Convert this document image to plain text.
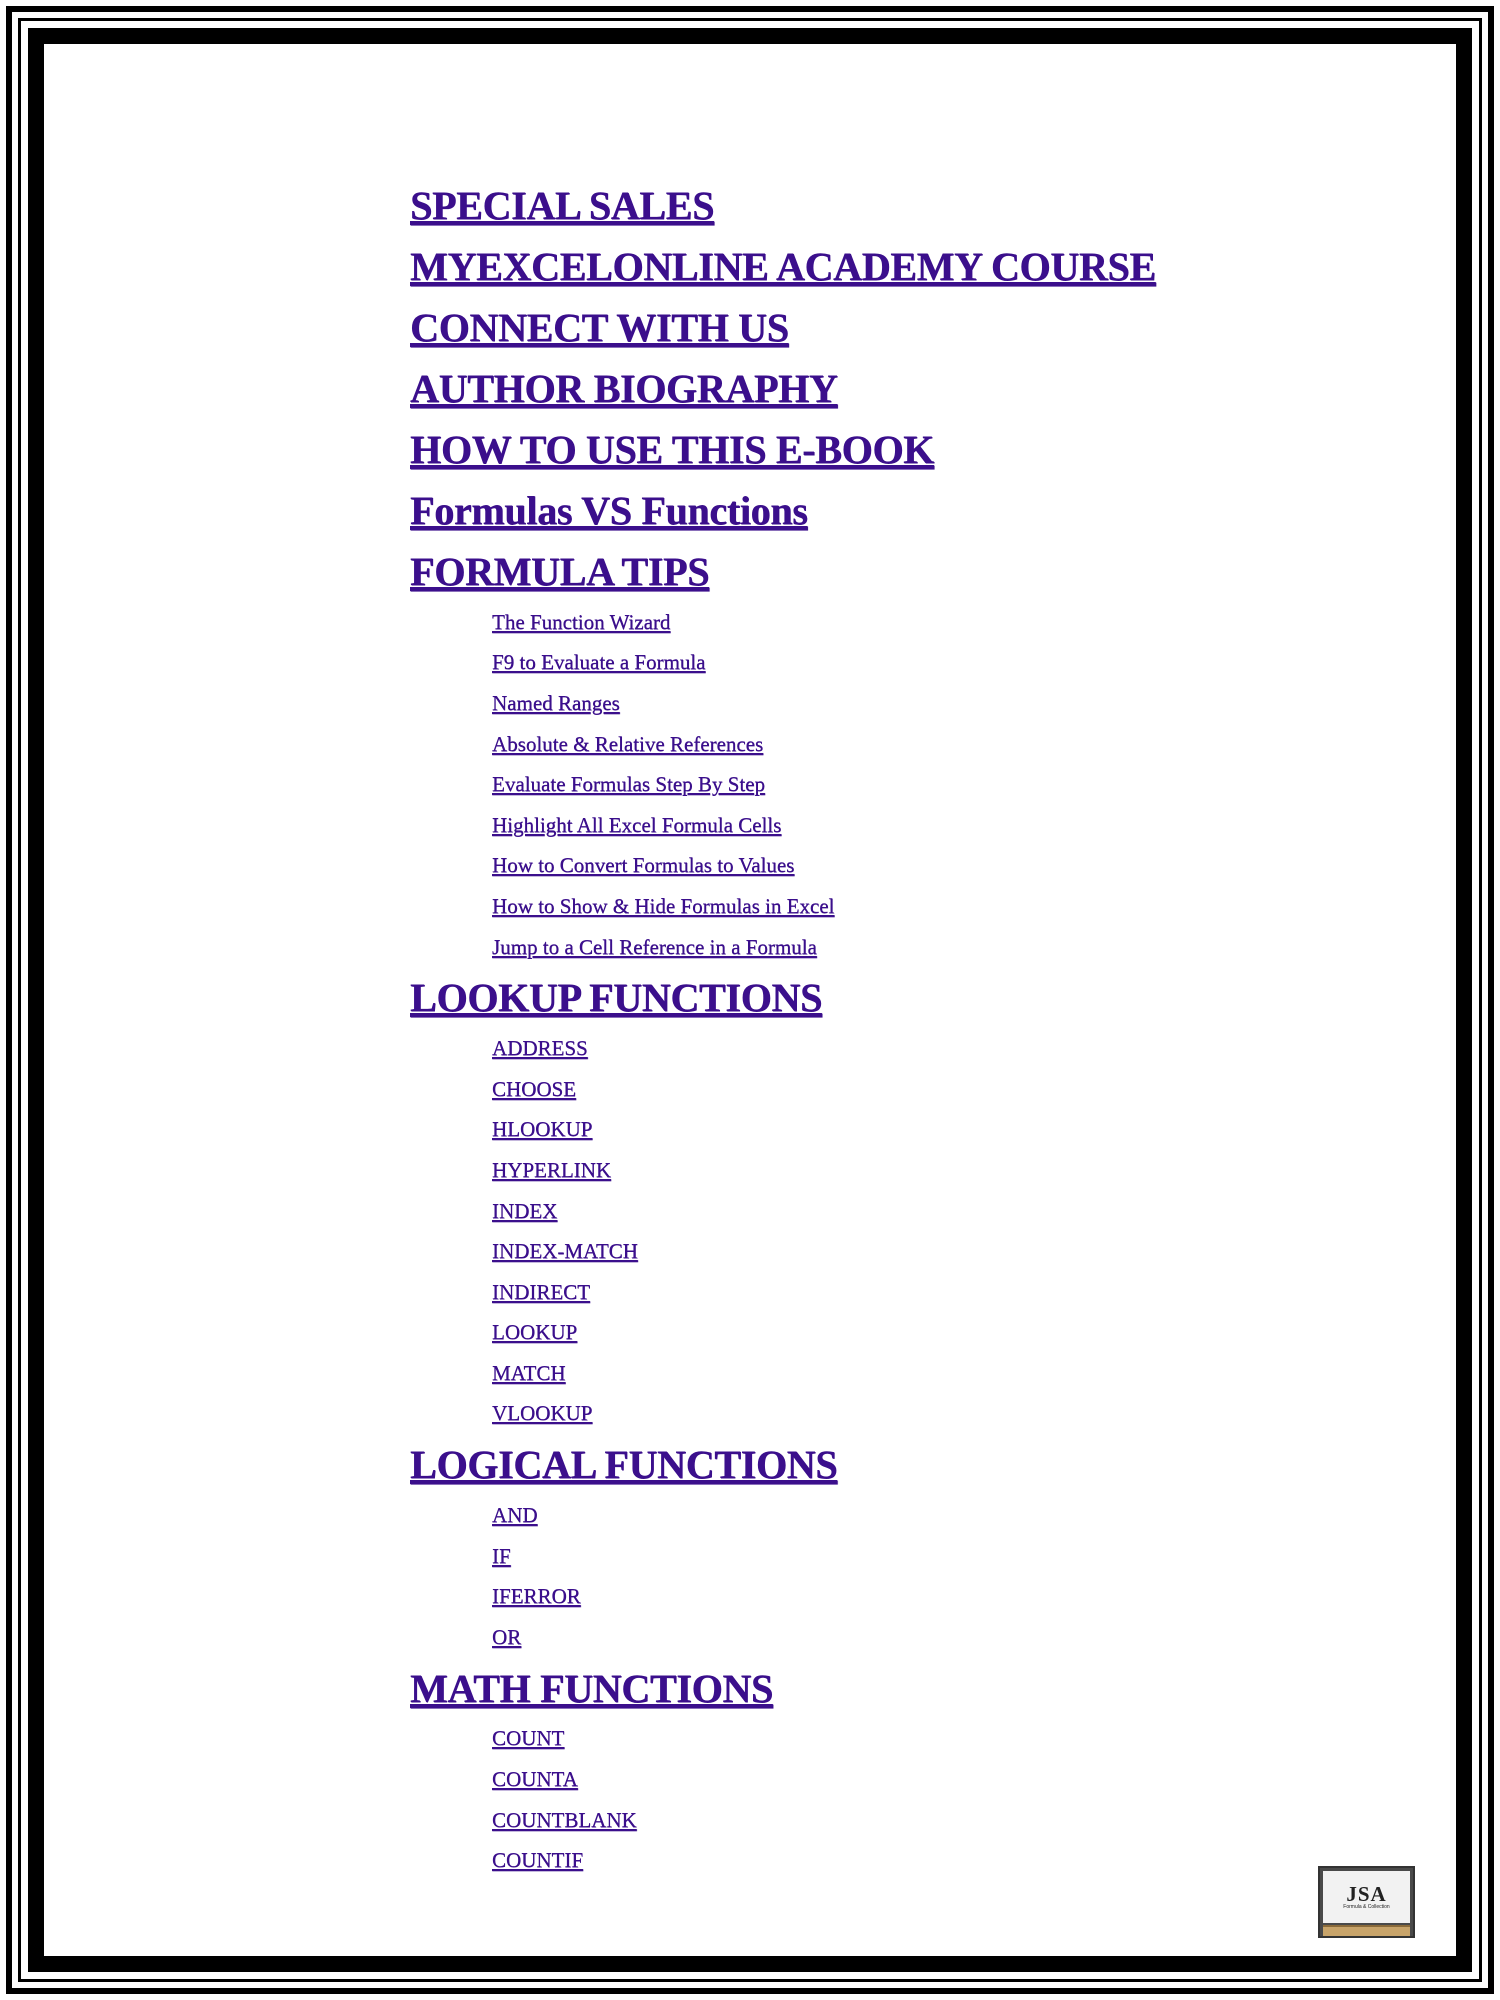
SPECIAL SALES
MYEXCELONLINE ACADEMY COURSE
CONNECT WITH US
AUTHOR BIOGRAPHY
HOW TO USE THIS E-BOOK
Formulas VS Functions
FORMULA TIPS
The Function Wizard
F9 to Evaluate a Formula
Named Ranges
Absolute & Relative References
Evaluate Formulas Step By Step
Highlight All Excel Formula Cells
How to Convert Formulas to Values
How to Show & Hide Formulas in Excel
Jump to a Cell Reference in a Formula
LOOKUP FUNCTIONS
ADDRESS
CHOOSE
HLOOKUP
HYPERLINK
INDEX
INDEX-MATCH
INDIRECT
LOOKUP
MATCH
VLOOKUP
LOGICAL FUNCTIONS
AND
IF
IFERROR
OR
MATH FUNCTIONS
COUNT
COUNTA
COUNTBLANK
COUNTIF
JSA
Formula & Collection
